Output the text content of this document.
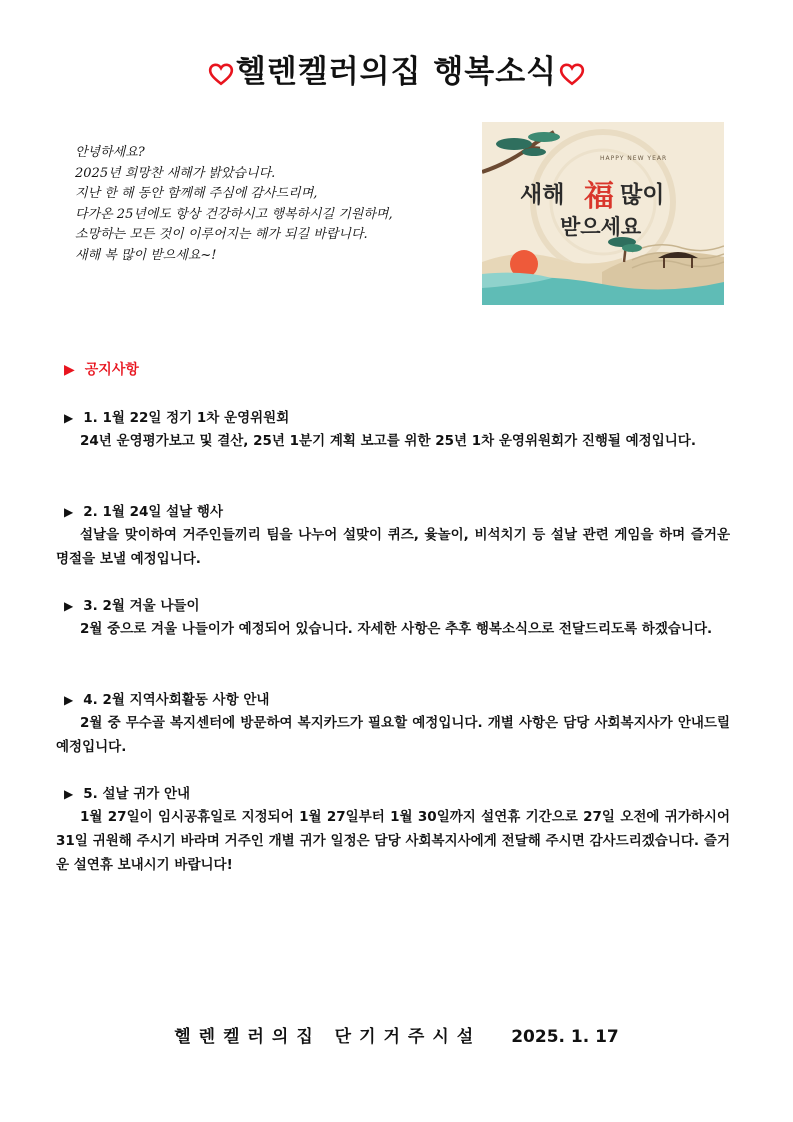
헬렌켈러의집 행복소식
안녕하세요?
2025년 희망찬 새해가 밝았습니다.
지난 한 해 동안 함께해 주심에 감사드리며,
다가온 25년에도 항상 건강하시고 행복하시길 기원하며,
소망하는 모든 것이 이루어지는 해가 되길 바랍니다.
새해 복 많이 받으세요~!
HAPPY NEW YEAR
새해 福 많이
받으세요
▶ 공지사항
▶ 1. 1월 22일 정기 1차 운영위원회
24년 운영평가보고 및 결산, 25년 1분기 계획 보고를 위한 25년 1차 운영위원회가 진행될 예정입니다.
▶ 2. 1월 24일 설날 행사
설날을 맞이하여 거주인들끼리 팀을 나누어 설맞이 퀴즈, 윷놀이, 비석치기 등 설날 관련 게임을 하며 즐거운 명절을 보낼 예정입니다.
▶ 3. 2월 겨울 나들이
2월 중으로 겨울 나들이가 예정되어 있습니다. 자세한 사항은 추후 행복소식으로 전달드리도록 하겠습니다.
▶ 4. 2월 지역사회활동 사항 안내
2월 중 무수골 복지센터에 방문하여 복지카드가 필요할 예정입니다. 개별 사항은 담당 사회복지사가 안내드릴 예정입니다.
▶ 5. 설날 귀가 안내
1월 27일이 임시공휴일로 지정되어 1월 27일부터 1월 30일까지 설연휴 기간으로 27일 오전에 귀가하시어 31일 귀원해 주시기 바라며 거주인 개별 귀가 일정은 담당 사회복지사에게 전달해 주시면 감사드리겠습니다. 즐거운 설연휴 보내시기 바랍니다!
헬렌켈러의집 단기거주시설 2025. 1. 17
